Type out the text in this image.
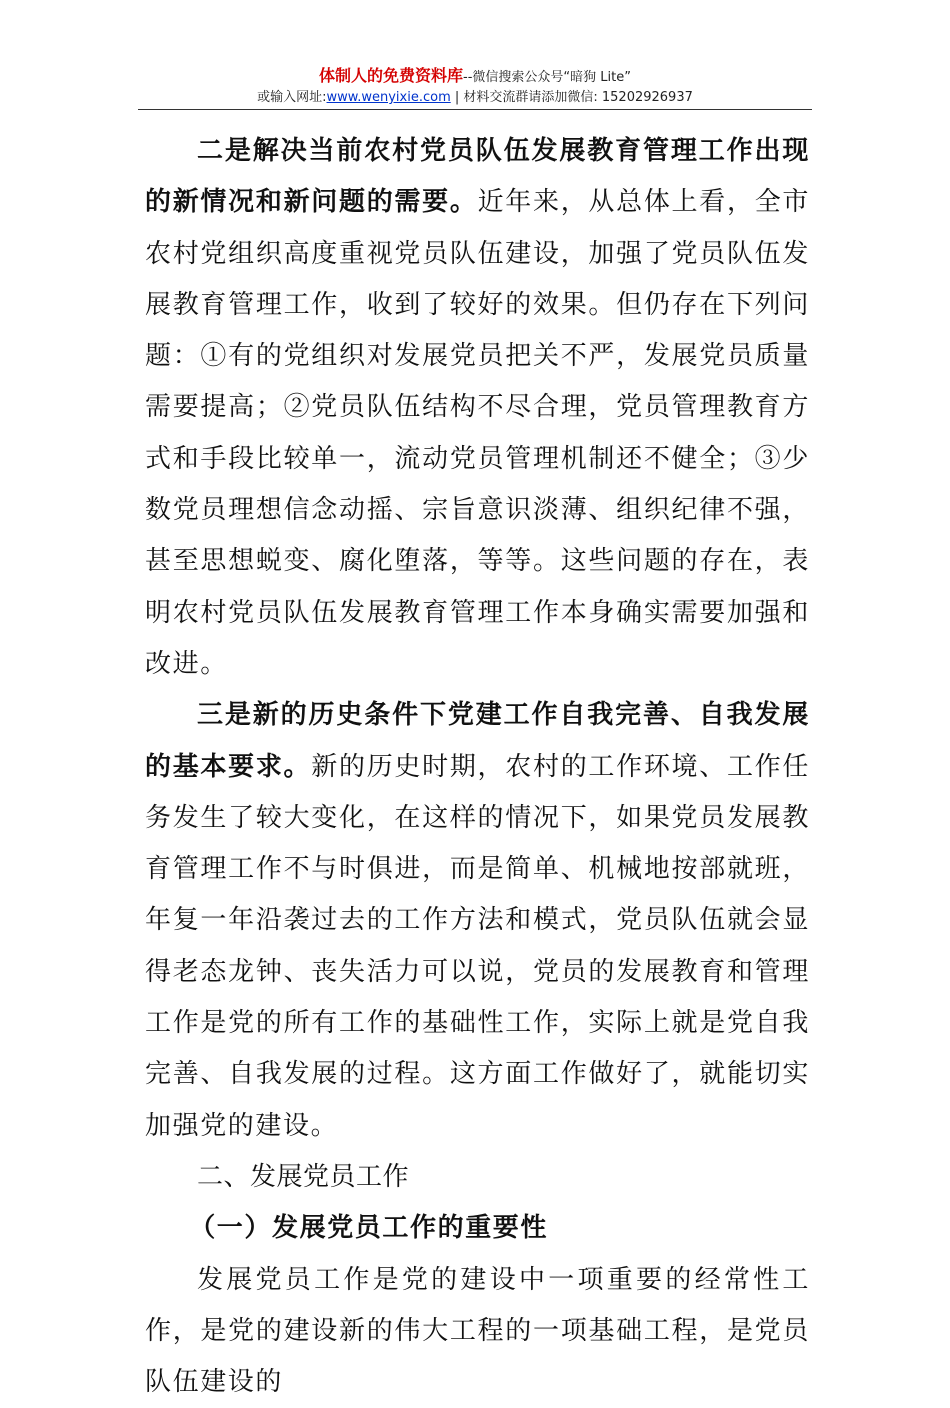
体制人的免费资料库--微信搜索公众号“暗狗 Lite”
或输入网址:www.wenyixie.com | 材料交流群请添加微信: 15202926937

二是解决当前农村党员队伍发展教育管理工作出现的新情况和新问题的需要。近年来，从总体上看，全市农村党组织高度重视党员队伍建设，加强了党员队伍发展教育管理工作，收到了较好的效果。但仍存在下列问题：①有的党组织对发展党员把关不严，发展党员质量需要提高；②党员队伍结构不尽合理，党员管理教育方式和手段比较单一，流动党员管理机制还不健全；③少数党员理想信念动摇、宗旨意识淡薄、组织纪律不强，甚至思想蜕变、腐化堕落，等等。这些问题的存在，表明农村党员队伍发展教育管理工作本身确实需要加强和改进。

三是新的历史条件下党建工作自我完善、自我发展的基本要求。新的历史时期，农村的工作环境、工作任务发生了较大变化，在这样的情况下，如果党员发展教育管理工作不与时俱进，而是简单、机械地按部就班，年复一年沿袭过去的工作方法和模式，党员队伍就会显得老态龙钟、丧失活力可以说，党员的发展教育和管理工作是党的所有工作的基础性工作，实际上就是党自我完善、自我发展的过程。这方面工作做好了，就能切实加强党的建设。

二、发展党员工作

（一）发展党员工作的重要性

发展党员工作是党的建设中一项重要的经常性工作，是党的建设新的伟大工程的一项基础工程，是党员队伍建设的
